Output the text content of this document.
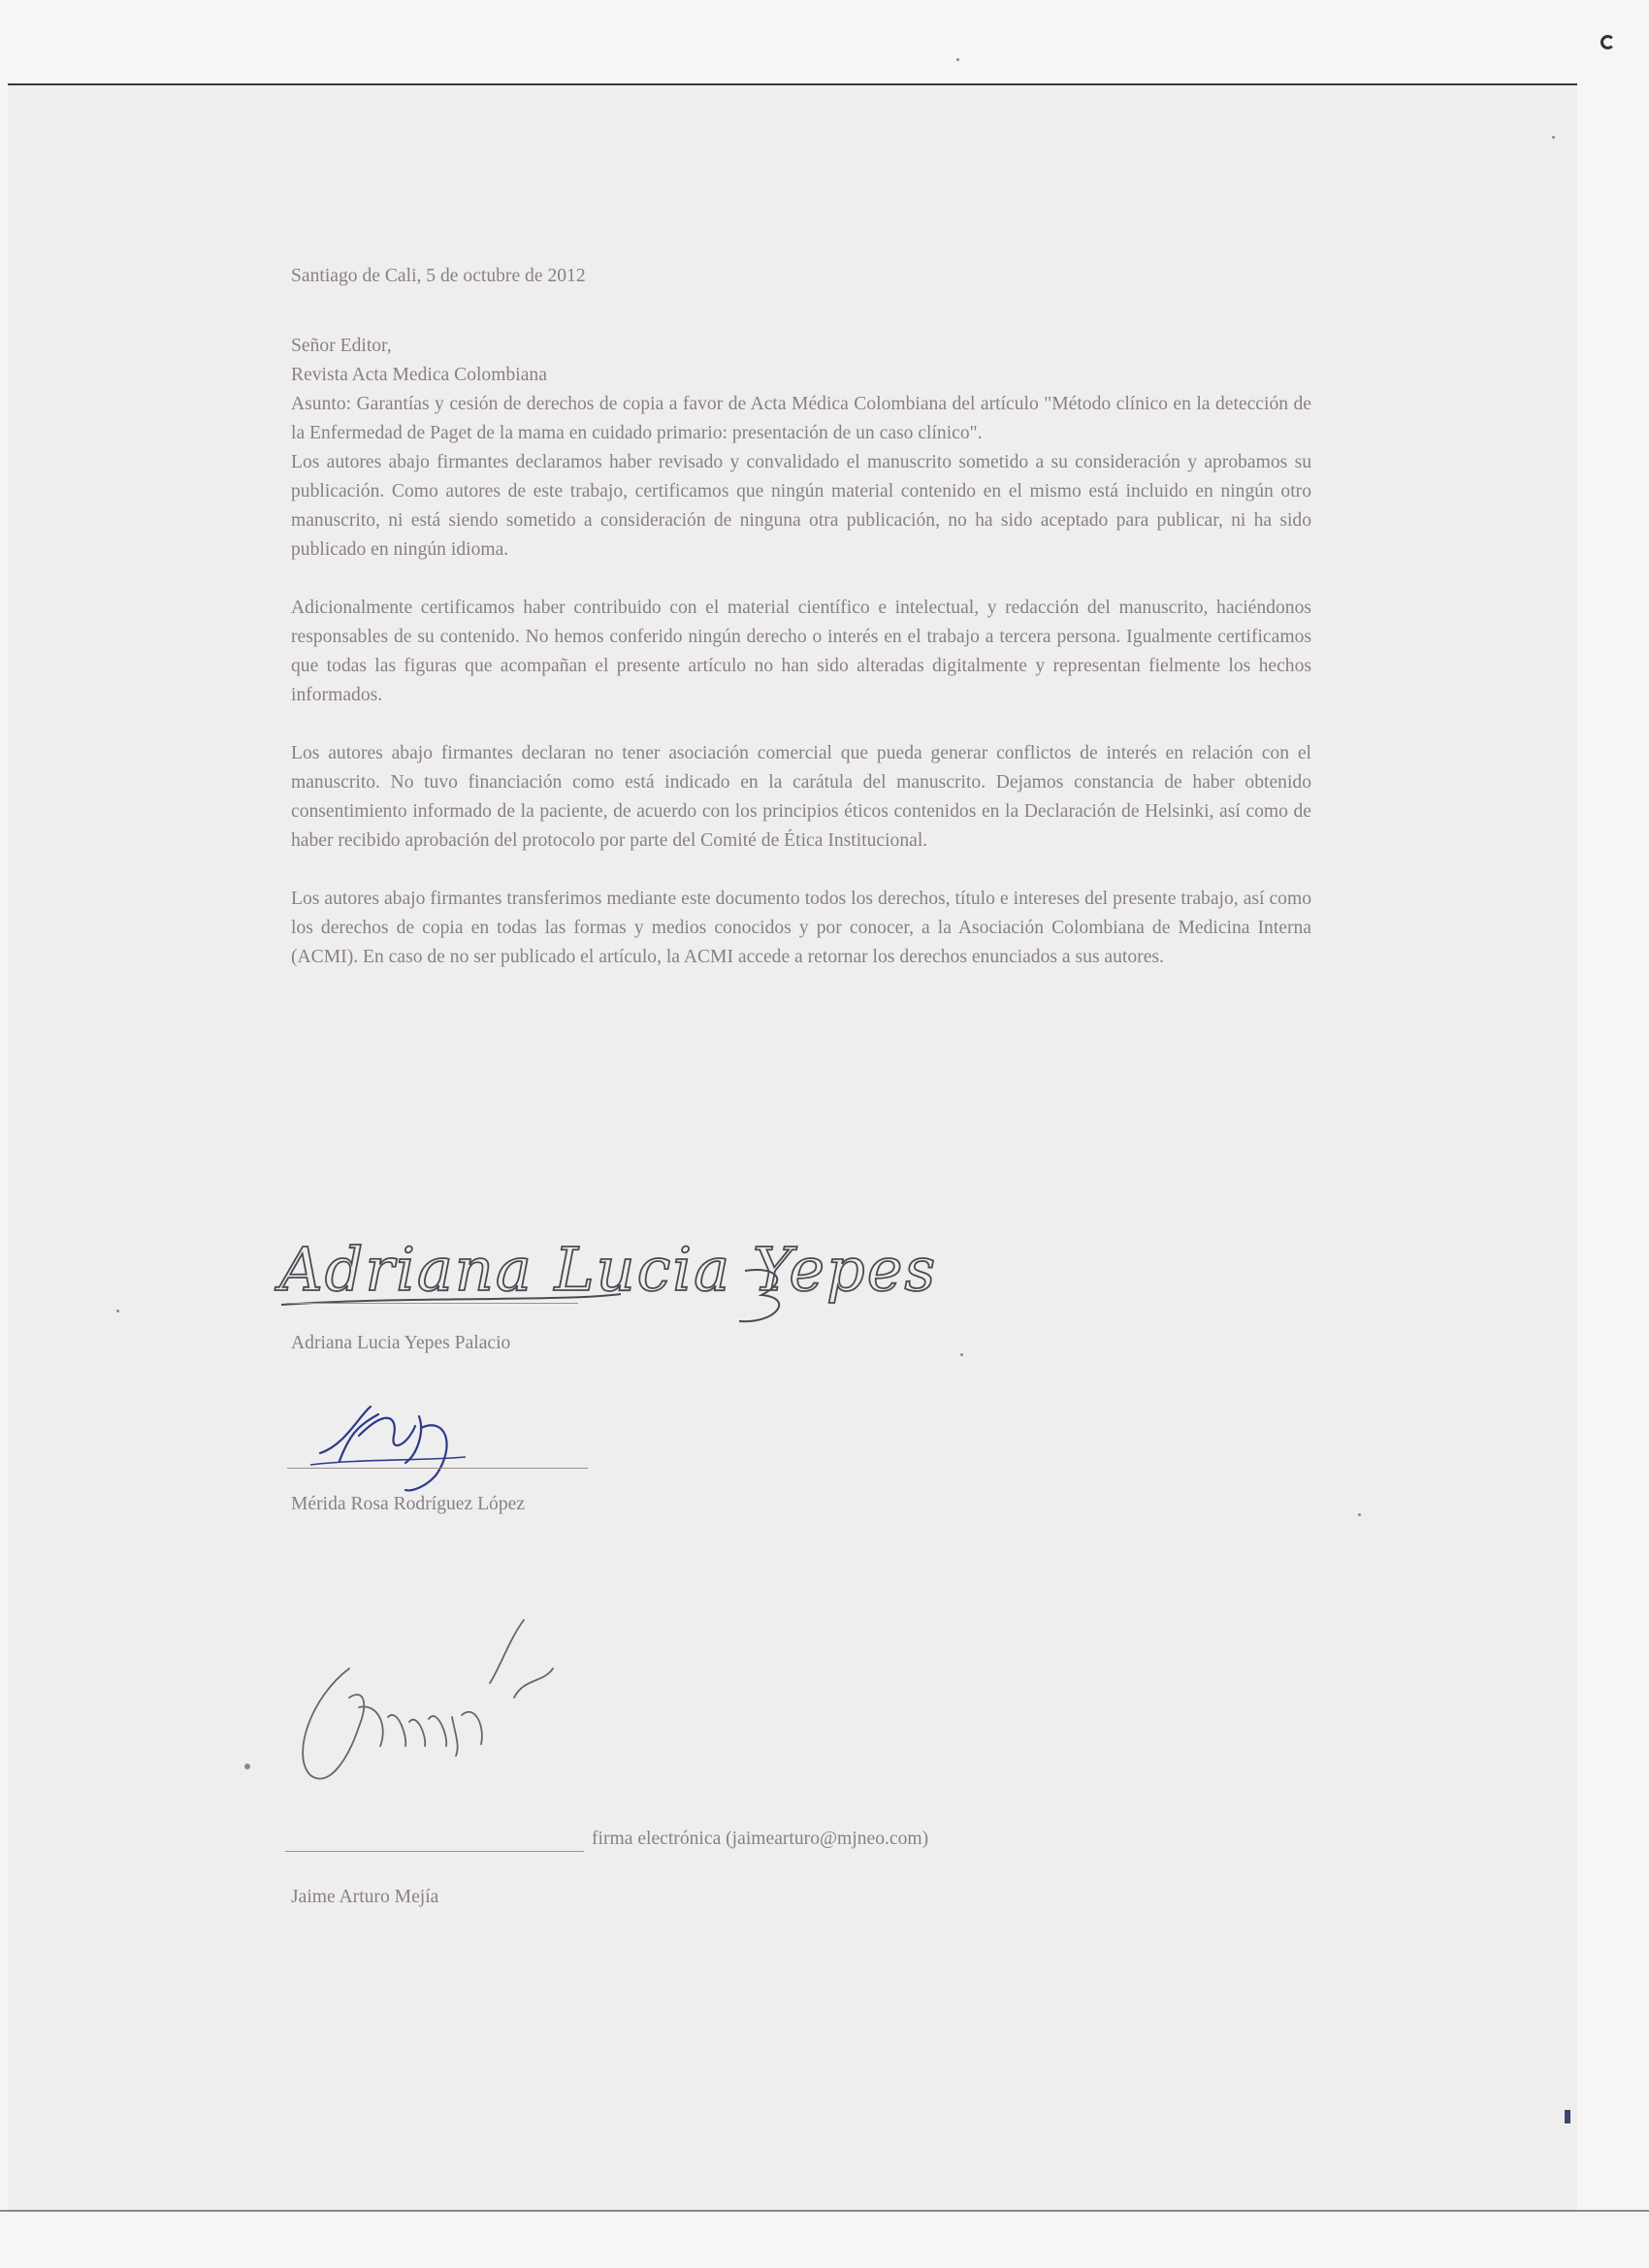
Santiago de Cali, 5 de octubre de 2012

Señor Editor,

Revista Acta Medica Colombiana

Asunto: Garantías y cesión de derechos de copia a favor de Acta Médica Colombiana del artículo "Método clínico en la detección de la Enfermedad de Paget de la mama en cuidado primario: presentación de un caso clínico".

Los autores abajo firmantes declaramos haber revisado y convalidado el manuscrito sometido a su consideración y aprobamos su publicación. Como autores de este trabajo, certificamos que ningún material contenido en el mismo está incluido en ningún otro manuscrito, ni está siendo sometido a consideración de ninguna otra publicación, no ha sido aceptado para publicar, ni ha sido publicado en ningún idioma.

Adicionalmente certificamos haber contribuido con el material científico e intelectual, y redacción del manuscrito, haciéndonos responsables de su contenido. No hemos conferido ningún derecho o interés en el trabajo a tercera persona. Igualmente certificamos que todas las figuras que acompañan el presente artículo no han sido alteradas digitalmente y representan fielmente los hechos informados.

Los autores abajo firmantes declaran no tener asociación comercial que pueda generar conflictos de interés en relación con el manuscrito. No tuvo financiación como está indicado en la carátula del manuscrito. Dejamos constancia de haber obtenido consentimiento informado de la paciente, de acuerdo con los principios éticos contenidos en la Declaración de Helsinki, así como de haber recibido aprobación del protocolo por parte del Comité de Ética Institucional.

Los autores abajo firmantes transferimos mediante este documento todos los derechos, título e intereses del presente trabajo, así como los derechos de copia en todas las formas y medios conocidos y por conocer, a la Asociación Colombiana de Medicina Interna (ACMI). En caso de no ser publicado el artículo, la ACMI accede a retornar los derechos enunciados a sus autores.

Adriana Lucia Yepes
Adriana Lucia Yepes Palacio
Mérida Rosa Rodríguez López
firma electrónica (jaimearturo@mjneo.com)
Jaime Arturo Mejía
